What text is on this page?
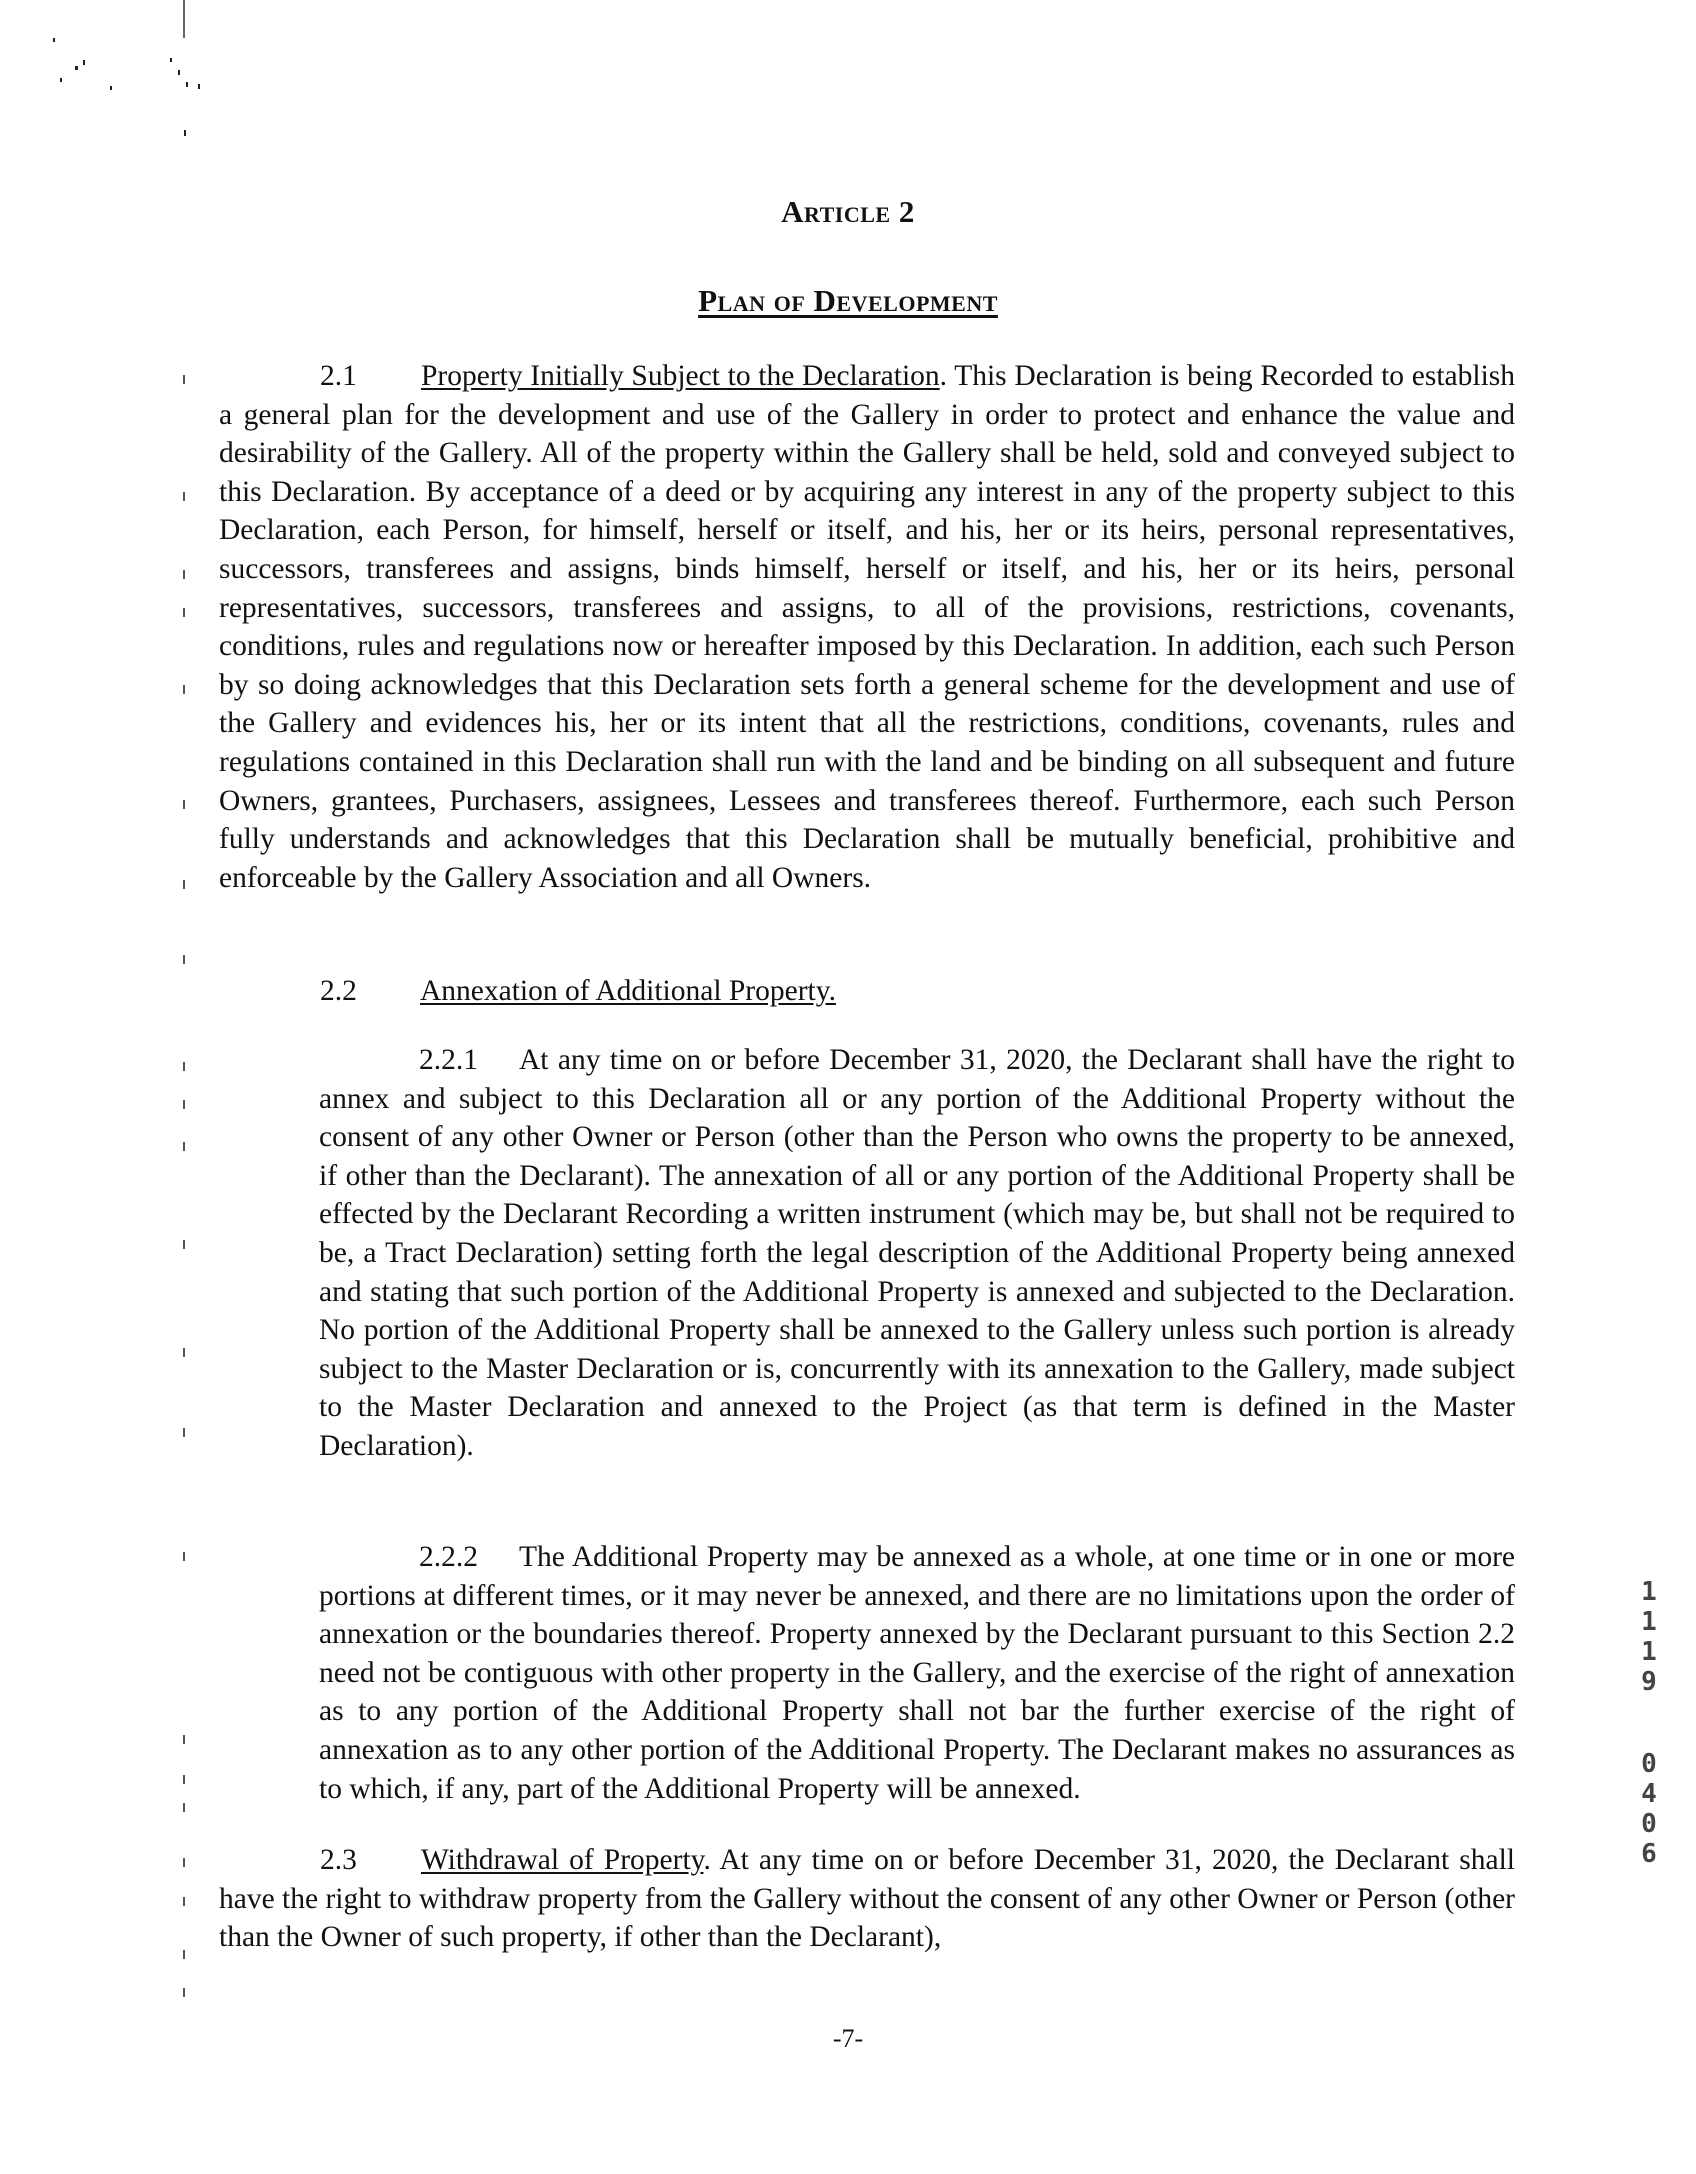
Article 2
Plan of Development
2.1 Property Initially Subject to the Declaration. This Declaration is being Recorded to establish a general plan for the development and use of the Gallery in order to protect and enhance the value and desirability of the Gallery. All of the property within the Gallery shall be held, sold and conveyed subject to this Declaration. By acceptance of a deed or by acquiring any interest in any of the property subject to this Declaration, each Person, for himself, herself or itself, and his, her or its heirs, personal representatives, successors, transferees and assigns, binds himself, herself or itself, and his, her or its heirs, personal representatives, successors, transferees and assigns, to all of the provisions, restrictions, covenants, conditions, rules and regulations now or hereafter imposed by this Declaration. In addition, each such Person by so doing acknowledges that this Declaration sets forth a general scheme for the development and use of the Gallery and evidences his, her or its intent that all the restrictions, conditions, covenants, rules and regulations contained in this Declaration shall run with the land and be binding on all subsequent and future Owners, grantees, Purchasers, assignees, Lessees and transferees thereof. Furthermore, each such Person fully understands and acknowledges that this Declaration shall be mutually beneficial, prohibitive and enforceable by the Gallery Association and all Owners.
2.2 Annexation of Additional Property.
2.2.1 At any time on or before December 31, 2020, the Declarant shall have the right to annex and subject to this Declaration all or any portion of the Additional Property without the consent of any other Owner or Person (other than the Person who owns the property to be annexed, if other than the Declarant). The annexation of all or any portion of the Additional Property shall be effected by the Declarant Recording a written instrument (which may be, but shall not be required to be, a Tract Declaration) setting forth the legal description of the Additional Property being annexed and stating that such portion of the Additional Property is annexed and subjected to the Declaration. No portion of the Additional Property shall be annexed to the Gallery unless such portion is already subject to the Master Declaration or is, concurrently with its annexation to the Gallery, made subject to the Master Declaration and annexed to the Project (as that term is defined in the Master Declaration).
2.2.2 The Additional Property may be annexed as a whole, at one time or in one or more portions at different times, or it may never be annexed, and there are no limitations upon the order of annexation or the boundaries thereof. Property annexed by the Declarant pursuant to this Section 2.2 need not be contiguous with other property in the Gallery, and the exercise of the right of annexation as to any portion of the Additional Property shall not bar the further exercise of the right of annexation as to any other portion of the Additional Property. The Declarant makes no assurances as to which, if any, part of the Additional Property will be annexed.
2.3 Withdrawal of Property. At any time on or before December 31, 2020, the Declarant shall have the right to withdraw property from the Gallery without the consent of any other Owner or Person (other than the Owner of such property, if other than the Declarant),
1
1
1
9
0
4
0
6
-7-
